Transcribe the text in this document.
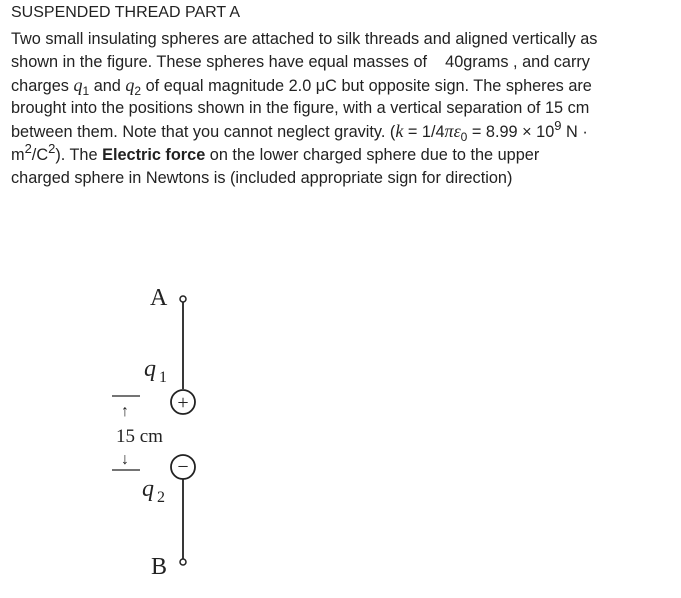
SUSPENDED THREAD PART A
Two small insulating spheres are attached to silk threads and aligned vertically as
shown in the figure. These spheres have equal masses of 40grams , and carry
charges $q_1$ and $q_2$ of equal magnitude 2.0 μC but opposite sign. The spheres are
brought into the positions shown in the figure, with a vertical separation of 15 cm
between them. Note that you cannot neglect gravity. ($k = 1/4\pi\varepsilon_0 = 8.99 \times 10^9$ N ·
$m^2/C^2$). The Electric force on the lower charged sphere due to the upper
charged sphere in Newtons is (included appropriate sign for direction)
A
q 1
+
↑
15 cm
↓ −
q 2
B
